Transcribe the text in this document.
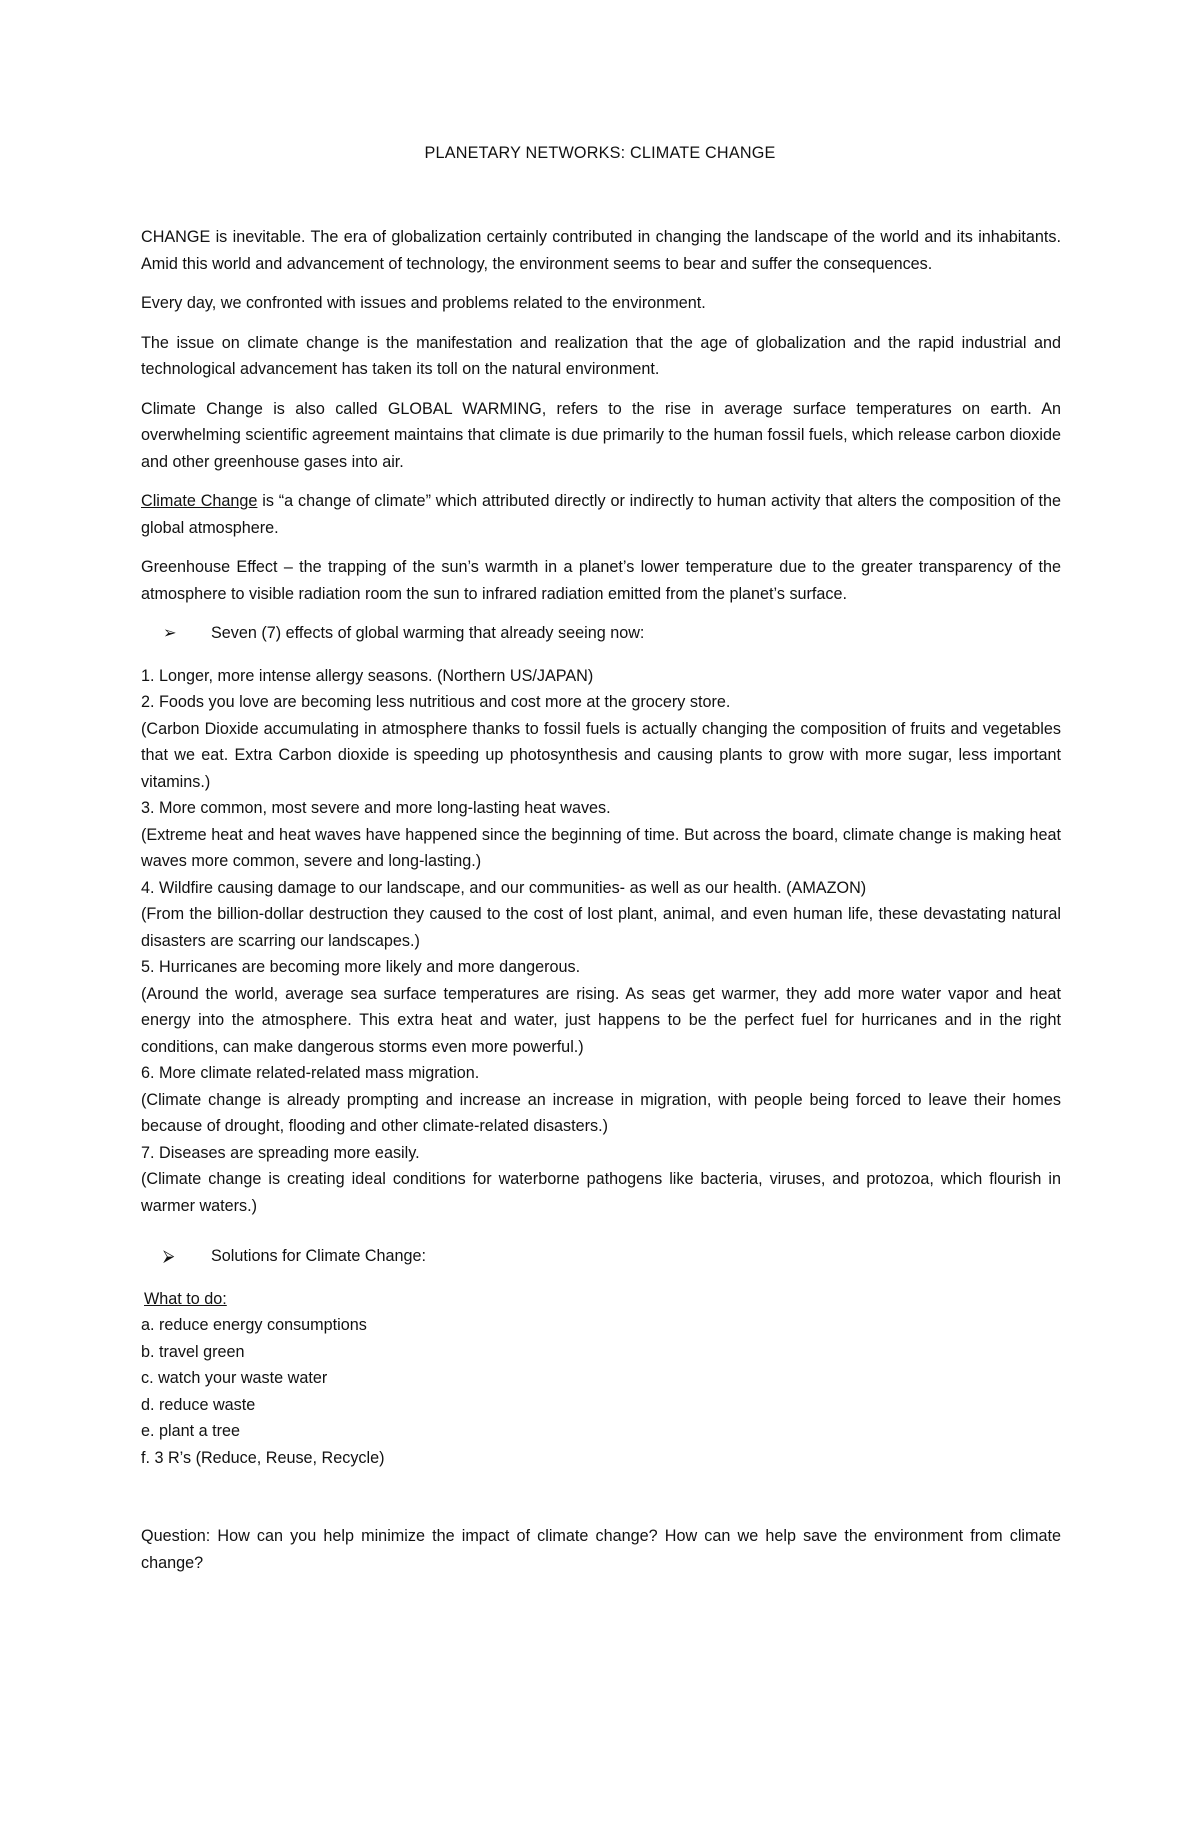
PLANETARY NETWORKS: CLIMATE CHANGE

CHANGE is inevitable. The era of globalization certainly contributed in changing the landscape of the world and its inhabitants. Amid this world and advancement of technology, the environment seems to bear and suffer the consequences.

Every day, we confronted with issues and problems related to the environment.

The issue on climate change is the manifestation and realization that the age of globalization and the rapid industrial and technological advancement has taken its toll on the natural environment.

Climate Change is also called GLOBAL WARMING, refers to the rise in average surface temperatures on earth. An overwhelming scientific agreement maintains that climate is due primarily to the human fossil fuels, which release carbon dioxide and other greenhouse gases into air.

Climate Change is “a change of climate” which attributed directly or indirectly to human activity that alters the composition of the global atmosphere.

Greenhouse Effect – the trapping of the sun’s warmth in a planet’s lower temperature due to the greater transparency of the atmosphere to visible radiation room the sun to infrared radiation emitted from the planet’s surface.

➢ Seven (7) effects of global warming that already seeing now:
1. Longer, more intense allergy seasons. (Northern US/JAPAN)
2. Foods you love are becoming less nutritious and cost more at the grocery store.
(Carbon Dioxide accumulating in atmosphere thanks to fossil fuels is actually changing the composition of fruits and vegetables that we eat. Extra Carbon dioxide is speeding up photosynthesis and causing plants to grow with more sugar, less important vitamins.)
3. More common, most severe and more long-lasting heat waves.
(Extreme heat and heat waves have happened since the beginning of time. But across the board, climate change is making heat waves more common, severe and long-lasting.)
4. Wildfire causing damage to our landscape, and our communities- as well as our health. (AMAZON)
(From the billion-dollar destruction they caused to the cost of lost plant, animal, and even human life, these devastating natural disasters are scarring our landscapes.)
5. Hurricanes are becoming more likely and more dangerous.
(Around the world, average sea surface temperatures are rising. As seas get warmer, they add more water vapor and heat energy into the atmosphere. This extra heat and water, just happens to be the perfect fuel for hurricanes and in the right conditions, can make dangerous storms even more powerful.)
6. More climate related-related mass migration.
(Climate change is already prompting and increase an increase in migration, with people being forced to leave their homes because of drought, flooding and other climate-related disasters.)
7. Diseases are spreading more easily.
(Climate change is creating ideal conditions for waterborne pathogens like bacteria, viruses, and protozoa, which flourish in warmer waters.)
⮚ Solutions for Climate Change:
What to do:
a. reduce energy consumptions
b. travel green
c. watch your waste water
d. reduce waste
e. plant a tree
f. 3 R’s (Reduce, Reuse, Recycle)

Question: How can you help minimize the impact of climate change? How can we help save the environment from climate change?
